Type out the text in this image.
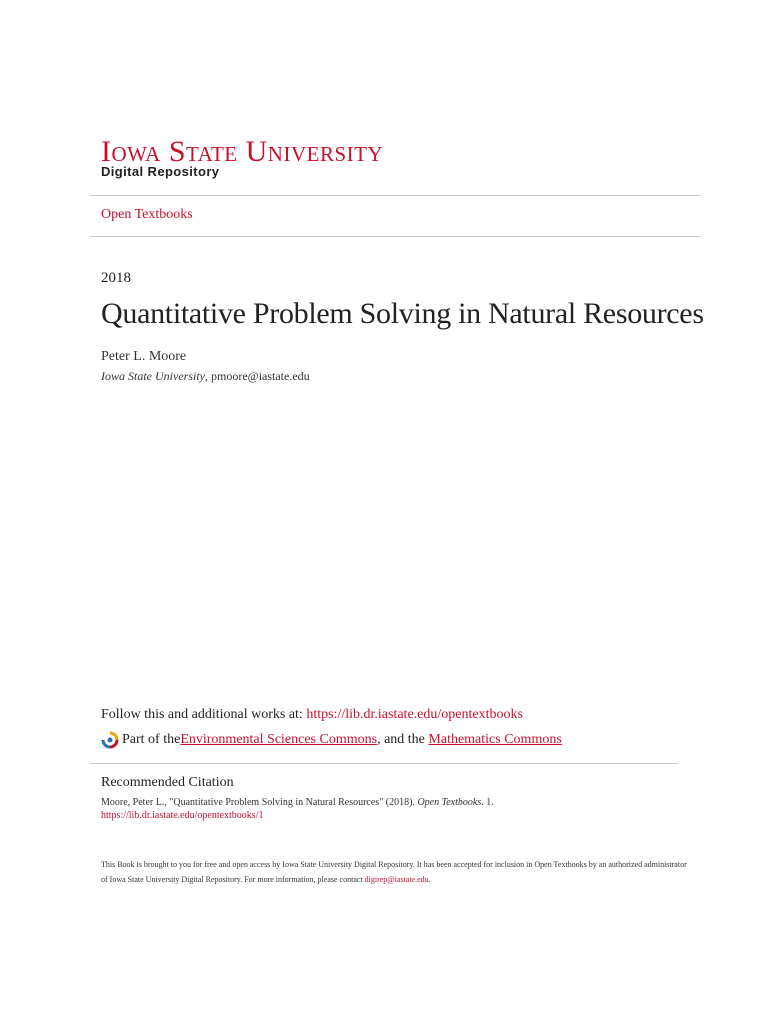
Iowa State University
Digital Repository
Open Textbooks
2018
Quantitative Problem Solving in Natural Resources
Peter L. Moore
Iowa State University, pmoore@iastate.edu
Follow this and additional works at: https://lib.dr.iastate.edu/opentextbooks
Part of the Environmental Sciences Commons , and the Mathematics Commons
Recommended Citation
Moore, Peter L., "Quantitative Problem Solving in Natural Resources" (2018). Open Textbooks. 1.
https://lib.dr.iastate.edu/opentextbooks/1
This Book is brought to you for free and open access by Iowa State University Digital Repository. It has been accepted for inclusion in Open Textbooks by an authorized administrator of Iowa State University Digital Repository. For more information, please contact digirep@iastate.edu.
